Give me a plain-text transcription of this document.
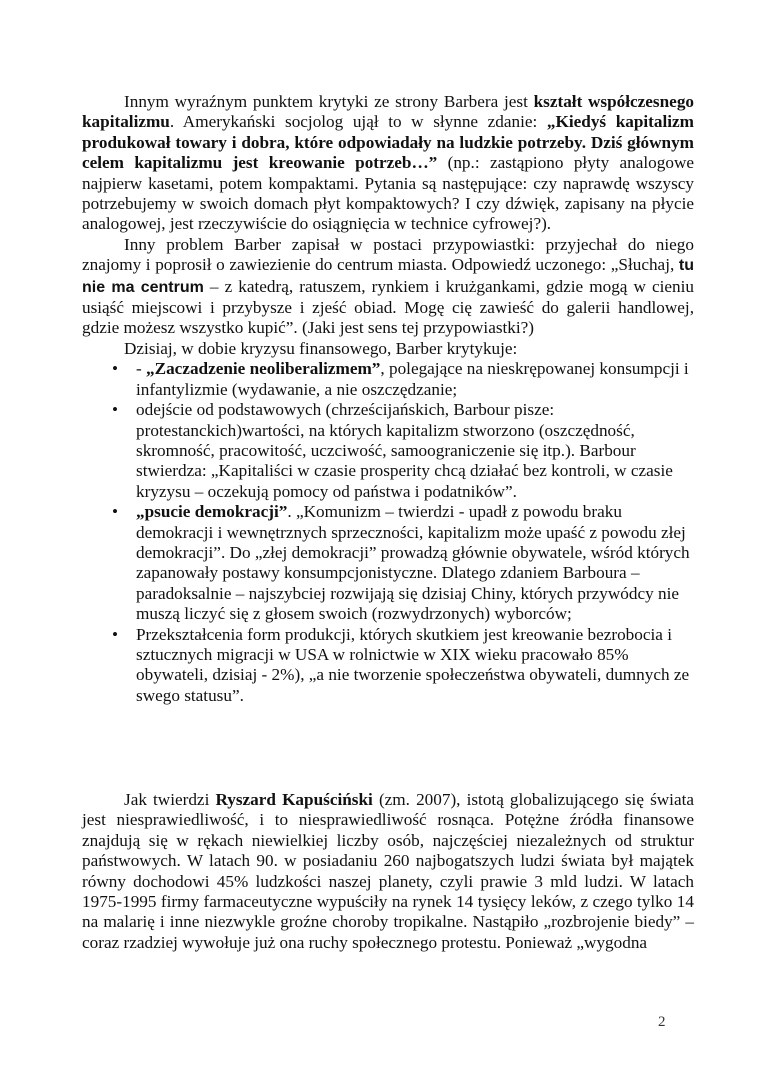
Innym wyraźnym punktem krytyki ze strony Barbera jest kształt współczesnego kapitalizmu. Amerykański socjolog ujął to w słynne zdanie: „Kiedyś kapitalizm produkował towary i dobra, które odpowiadały na ludzkie potrzeby. Dziś głównym celem kapitalizmu jest kreowanie potrzeb…” (np.: zastąpiono płyty analogowe najpierw kasetami, potem kompaktami. Pytania są następujące: czy naprawdę wszyscy potrzebujemy w swoich domach płyt kompaktowych? I czy dźwięk, zapisany na płycie analogowej, jest rzeczywiście do osiągnięcia w technice cyfrowej?).

Inny problem Barber zapisał w postaci przypowiastki: przyjechał do niego znajomy i poprosił o zawiezienie do centrum miasta. Odpowiedź uczonego: „Słuchaj, tu nie ma centrum – z katedrą, ratuszem, rynkiem i krużgankami, gdzie mogą w cieniu usiąść miejscowi i przybysze i zjeść obiad. Mogę cię zawieść do galerii handlowej, gdzie możesz wszystko kupić”. (Jaki jest sens tej przypowiastki?)

Dzisiaj, w dobie kryzysu finansowego, Barber krytykuje:

• - „Zaczadzenie neoliberalizmem”, polegające na nieskrępowanej konsumpcji i infantylizmie (wydawanie, a nie oszczędzanie;
• odejście od podstawowych (chrześcijańskich, Barbour pisze: protestanckich)wartości, na których kapitalizm stworzono (oszczędność, skromność, pracowitość, uczciwość, samoograniczenie się itp.). Barbour stwierdza: „Kapitaliści w czasie prosperity chcą działać bez kontroli, w czasie kryzysu – oczekują pomocy od państwa i podatników”.
• „psucie demokracji”. „Komunizm – twierdzi - upadł z powodu braku demokracji i wewnętrznych sprzeczności, kapitalizm może upaść z powodu złej demokracji”. Do „złej demokracji” prowadzą głównie obywatele, wśród których zapanowały postawy konsumpcjonistyczne. Dlatego zdaniem Barboura – paradoksalnie – najszybciej rozwijają się dzisiaj Chiny, których przywódcy nie muszą liczyć się z głosem swoich (rozwydrzonych) wyborców;
• Przekształcenia form produkcji, których skutkiem jest kreowanie bezrobocia i sztucznych migracji w USA w rolnictwie w XIX wieku pracowało 85% obywateli, dzisiaj - 2%), „a nie tworzenie społeczeństwa obywateli, dumnych ze swego statusu”.

Jak twierdzi Ryszard Kapuściński (zm. 2007), istotą globalizującego się świata jest niesprawiedliwość, i to niesprawiedliwość rosnąca. Potężne źródła finansowe znajdują się w rękach niewielkiej liczby osób, najczęściej niezależnych od struktur państwowych. W latach 90. w posiadaniu 260 najbogatszych ludzi świata był majątek równy dochodowi 45% ludzkości naszej planety, czyli prawie 3 mld ludzi. W latach 1975-1995 firmy farmaceutyczne wypuściły na rynek 14 tysięcy leków, z czego tylko 14 na malarię i inne niezwykle groźne choroby tropikalne. Nastąpiło „rozbrojenie biedy” – coraz rzadziej wywołuje już ona ruchy społecznego protestu. Ponieważ „wygodna

2
